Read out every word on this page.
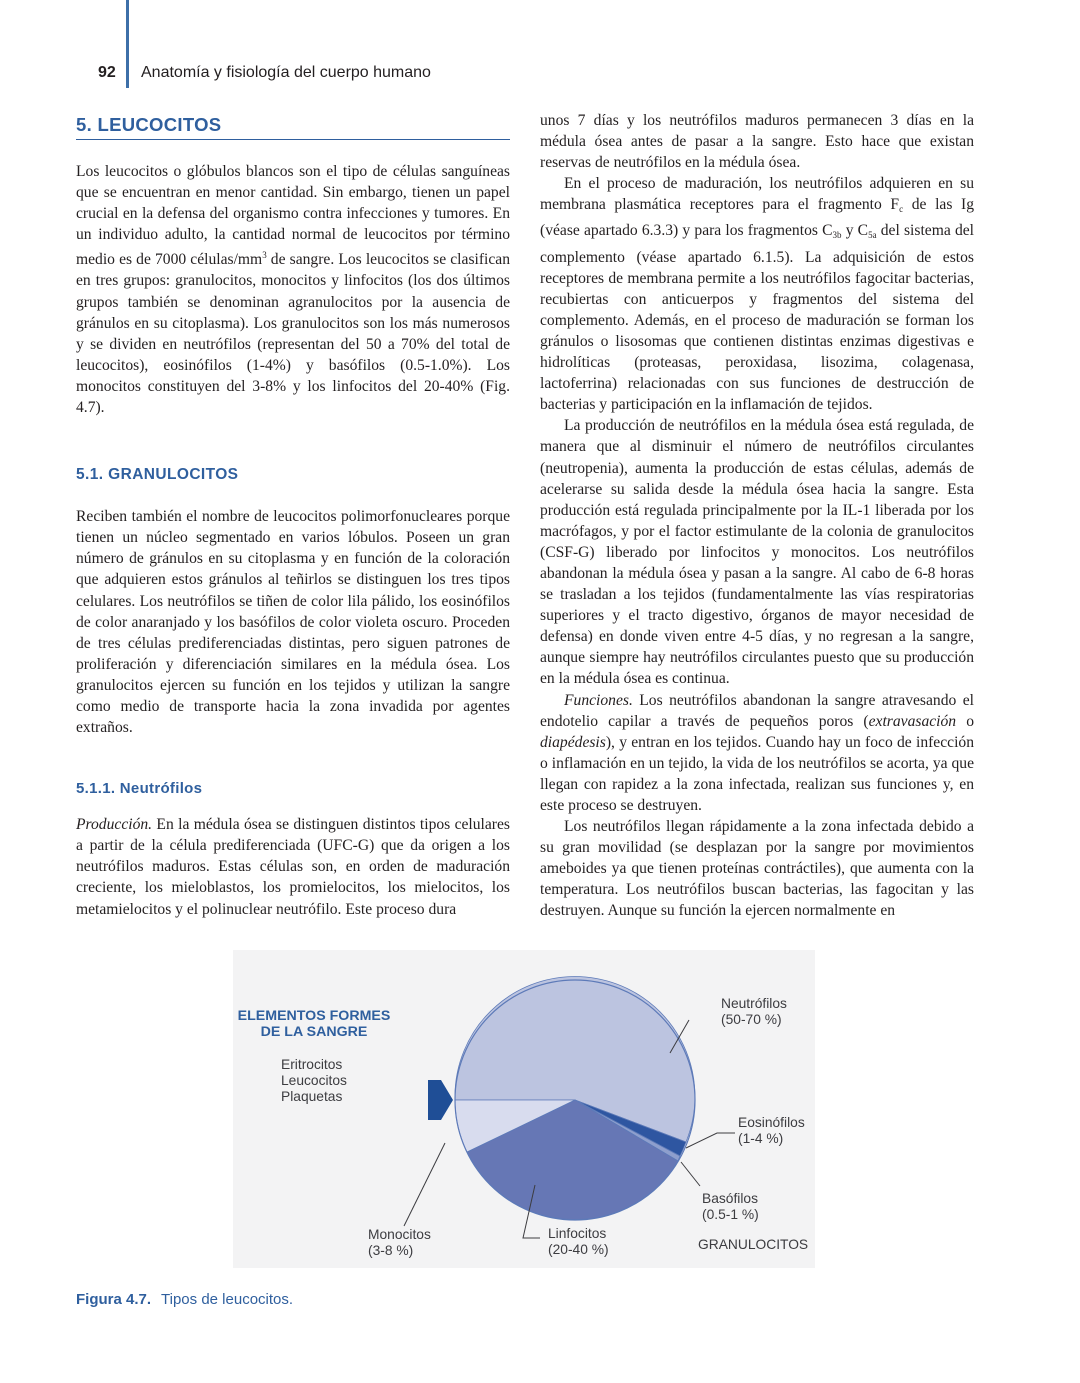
92 Anatomía y fisiología del cuerpo humano
5. LEUCOCITOS

Los leucocitos o glóbulos blancos son el tipo de células sanguíneas que se encuentran en menor cantidad. Sin embargo, tienen un papel crucial en la defensa del organismo contra infecciones y tumores. En un individuo adulto, la cantidad normal de leucocitos por término medio es de 7000 células/$mm^3$ de sangre. Los leucocitos se clasifican en tres grupos: granulocitos, monocitos y linfocitos (los dos últimos grupos también se denominan agranulocitos por la ausencia de gránulos en su citoplasma). Los granulocitos son los más numerosos y se dividen en neutrófilos (representan del 50 a 70% del total de leucocitos), eosinófilos (1-4%) y basófilos (0.5-1.0%). Los monocitos constituyen del 3-8% y los linfocitos del 20-40% (Fig. 4.7).

5.1. GRANULOCITOS

Reciben también el nombre de leucocitos polimorfonucleares porque tienen un núcleo segmentado en varios lóbulos. Poseen un gran número de gránulos en su citoplasma y en función de la coloración que adquieren estos gránulos al teñirlos se distinguen los tres tipos celulares. Los neutrófilos se tiñen de color lila pálido, los eosinófilos de color anaranjado y los basófilos de color violeta oscuro. Proceden de tres células prediferenciadas distintas, pero siguen patrones de proliferación y diferenciación similares en la médula ósea. Los granulocitos ejercen su función en los tejidos y utilizan la sangre como medio de transporte hacia la zona invadida por agentes extraños.

5.1.1. Neutrófilos

Producción. En la médula ósea se distinguen distintos tipos celulares a partir de la célula prediferenciada (UFC-G) que da origen a los neutrófilos maduros. Estas células son, en orden de maduración creciente, los mieloblastos, los promielocitos, los mielocitos, los metamielocitos y el polinuclear neutrófilo. Este proceso dura

unos 7 días y los neutrófilos maduros permanecen 3 días en la médula ósea antes de pasar a la sangre. Esto hace que existan reservas de neutrófilos en la médula ósea.

En el proceso de maduración, los neutrófilos adquieren en su membrana plasmática receptores para el fragmento $F_c$ de las Ig (véase apartado 6.3.3) y para los fragmentos $C_{3b}$ y $C_{5a}$ del sistema del complemento (véase apartado 6.1.5). La adquisición de estos receptores de membrana permite a los neutrófilos fagocitar bacterias, recubiertas con anticuerpos y fragmentos del sistema del complemento. Además, en el proceso de maduración se forman los gránulos o lisosomas que contienen distintas enzimas digestivas e hidrolíticas (proteasas, peroxidasa, lisozima, colagenasa, lactoferrina) relacionadas con sus funciones de destrucción de bacterias y participación en la inflamación de tejidos.

La producción de neutrófilos en la médula ósea está regulada, de manera que al disminuir el número de neutrófilos circulantes (neutropenia), aumenta la producción de estas células, además de acelerarse su salida desde la médula ósea hacia la sangre. Esta producción está regulada principalmente por la IL-1 liberada por los macrófagos, y por el factor estimulante de la colonia de granulocitos (CSF-G) liberado por linfocitos y monocitos. Los neutrófilos abandonan la médula ósea y pasan a la sangre. Al cabo de 6-8 horas se trasladan a los tejidos (fundamentalmente las vías respiratorias superiores y el tracto digestivo, órganos de mayor necesidad de defensa) en donde viven entre 4-5 días, y no regresan a la sangre, aunque siempre hay neutrófilos circulantes puesto que su producción en la médula ósea es continua.

Funciones. Los neutrófilos abandonan la sangre atravesando el endotelio capilar a través de pequeños poros (extravasación o diapédesis), y entran en los tejidos. Cuando hay un foco de infección o inflamación en un tejido, la vida de los neutrófilos se acorta, ya que llegan con rapidez a la zona infectada, realizan sus funciones y, en este proceso se destruyen.

Los neutrófilos llegan rápidamente a la zona infectada debido a su gran movilidad (se desplazan por la sangre por movimientos ameboides ya que tienen proteínas contráctiles), que aumenta con la temperatura. Los neutrófilos buscan bacterias, las fagocitan y las destruyen. Aunque su función la ejercen normalmente en

ELEMENTOS FORMES
DE LA SANGRE
Eritrocitos
Leucocitos
Plaquetas
Neutrófilos
(50-70 %)
Eosinófilos
(1-4 %)
Basófilos
(0.5-1 %)
Linfocitos
(20-40 %)
Monocitos
(3-8 %)	GRANULOCITOS
Figura 4.7. Tipos de leucocitos.
